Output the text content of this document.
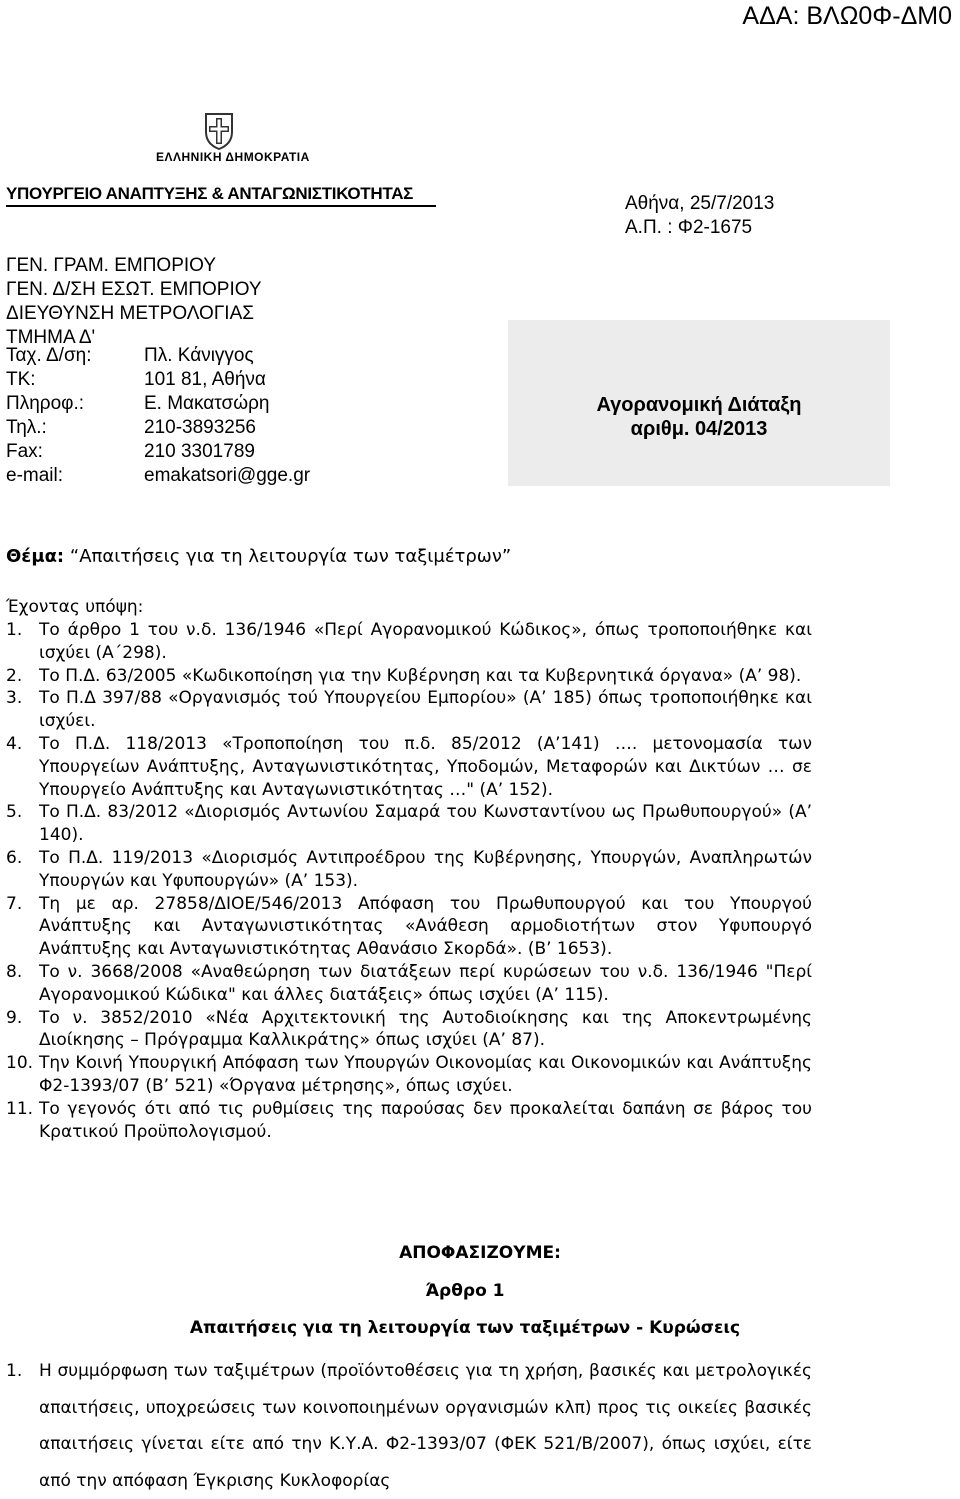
ΑΔΑ: ΒΛΩ0Φ-ΔΜ0
ΕΛΛΗΝΙΚΗ ΔΗΜΟΚΡΑΤΙΑ
ΥΠΟΥΡΓΕΙΟ ΑΝΑΠΤΥΞΗΣ & ΑΝΤΑΓΩΝΙΣΤΙΚΟΤΗΤΑΣ	Αθήνα, 25/7/2013
Α.Π. : Φ2-1675
ΓΕΝ. ΓΡΑΜ. ΕΜΠΟΡΙΟΥ
ΓΕΝ. Δ/ΣΗ ΕΣΩΤ. ΕΜΠΟΡΙΟΥ
ΔΙΕΥΘΥΝΣΗ ΜΕΤΡΟΛΟΓΙΑΣ
ΤΜΗΜΑ Δ'
Ταχ. Δ/ση:	Πλ. Κάνιγγος
ΤΚ:	101 81, Αθήνα
Πληροφ.:	Ε. Μακατσώρη
Τηλ.:	210-3893256
Fax:	210 3301789
e-mail:	emakatsori@gge.gr
Αγορανομική Διάταξη
αριθμ. 04/2013
Θέμα: “Απαιτήσεις για τη λειτουργία των ταξιμέτρων”
Έχοντας υπόψη:
1. Το άρθρο 1 του ν.δ. 136/1946 «Περί Αγορανομικού Κώδικος», όπως τροποποιήθηκε και ισχύει (Α΄298).
2. Το Π.Δ. 63/2005 «Κωδικοποίηση για την Κυβέρνηση και τα Κυβερνητικά όργανα» (Α’ 98).
3. Το Π.Δ 397/88 «Οργανισμός τού Υπουργείου Εμπορίου» (Α’ 185) όπως τροποποιήθηκε και ισχύει.
4. Το Π.Δ. 118/2013 «Τροποποίηση του π.δ. 85/2012 (Α’141) …. μετονομασία των Υπουργείων Ανάπτυξης, Ανταγωνιστικότητας, Υποδομών, Μεταφορών και Δικτύων … σε Υπουργείο Ανάπτυξης και Ανταγωνιστικότητας …" (Α’ 152).
5. Το Π.Δ. 83/2012 «Διορισμός Αντωνίου Σαμαρά του Κωνσταντίνου ως Πρωθυπουργού» (Α’ 140).
6. Το Π.Δ. 119/2013 «Διορισμός Αντιπροέδρου της Κυβέρνησης, Υπουργών, Αναπληρωτών Υπουργών και Υφυπουργών» (Α’ 153).
7. Τη με αρ. 27858/ΔΙΟΕ/546/2013 Απόφαση του Πρωθυπουργού και του Υπουργού Ανάπτυξης και Ανταγωνιστικότητας «Ανάθεση αρμοδιοτήτων στον Υφυπουργό Ανάπτυξης και Ανταγωνιστικότητας Αθανάσιο Σκορδά». (Β’ 1653).
8. Το ν. 3668/2008 «Αναθεώρηση των διατάξεων περί κυρώσεων του ν.δ. 136/1946 "Περί Αγορανομικού Κώδικα" και άλλες διατάξεις» όπως ισχύει (Α’ 115).
9. Το ν. 3852/2010 «Νέα Αρχιτεκτονική της Αυτοδιοίκησης και της Αποκεντρωμένης Διοίκησης – Πρόγραμμα Καλλικράτης» όπως ισχύει (Α’ 87).
10. Την Κοινή Υπουργική Απόφαση των Υπουργών Οικονομίας και Οικονομικών και Ανάπτυξης Φ2-1393/07 (Β’ 521) «Όργανα μέτρησης», όπως ισχύει.
11. Το γεγονός ότι από τις ρυθμίσεις της παρούσας δεν προκαλείται δαπάνη σε βάρος του Κρατικού Προϋπολογισμού.
ΑΠΟΦΑΣΙΖΟΥΜΕ:
Άρθρο 1
Απαιτήσεις για τη λειτουργία των ταξιμέτρων - Κυρώσεις
1. Η συμμόρφωση των ταξιμέτρων (προϊόντοθέσεις για τη χρήση, βασικές και μετρολογικές απαιτήσεις, υποχρεώσεις των κοινοποιημένων οργανισμών κλπ) προς τις οικείες βασικές απαιτήσεις γίνεται είτε από την Κ.Υ.Α. Φ2-1393/07 (ΦΕΚ 521/Β/2007), όπως ισχύει, είτε από την απόφαση Έγκρισης Κυκλοφορίας
